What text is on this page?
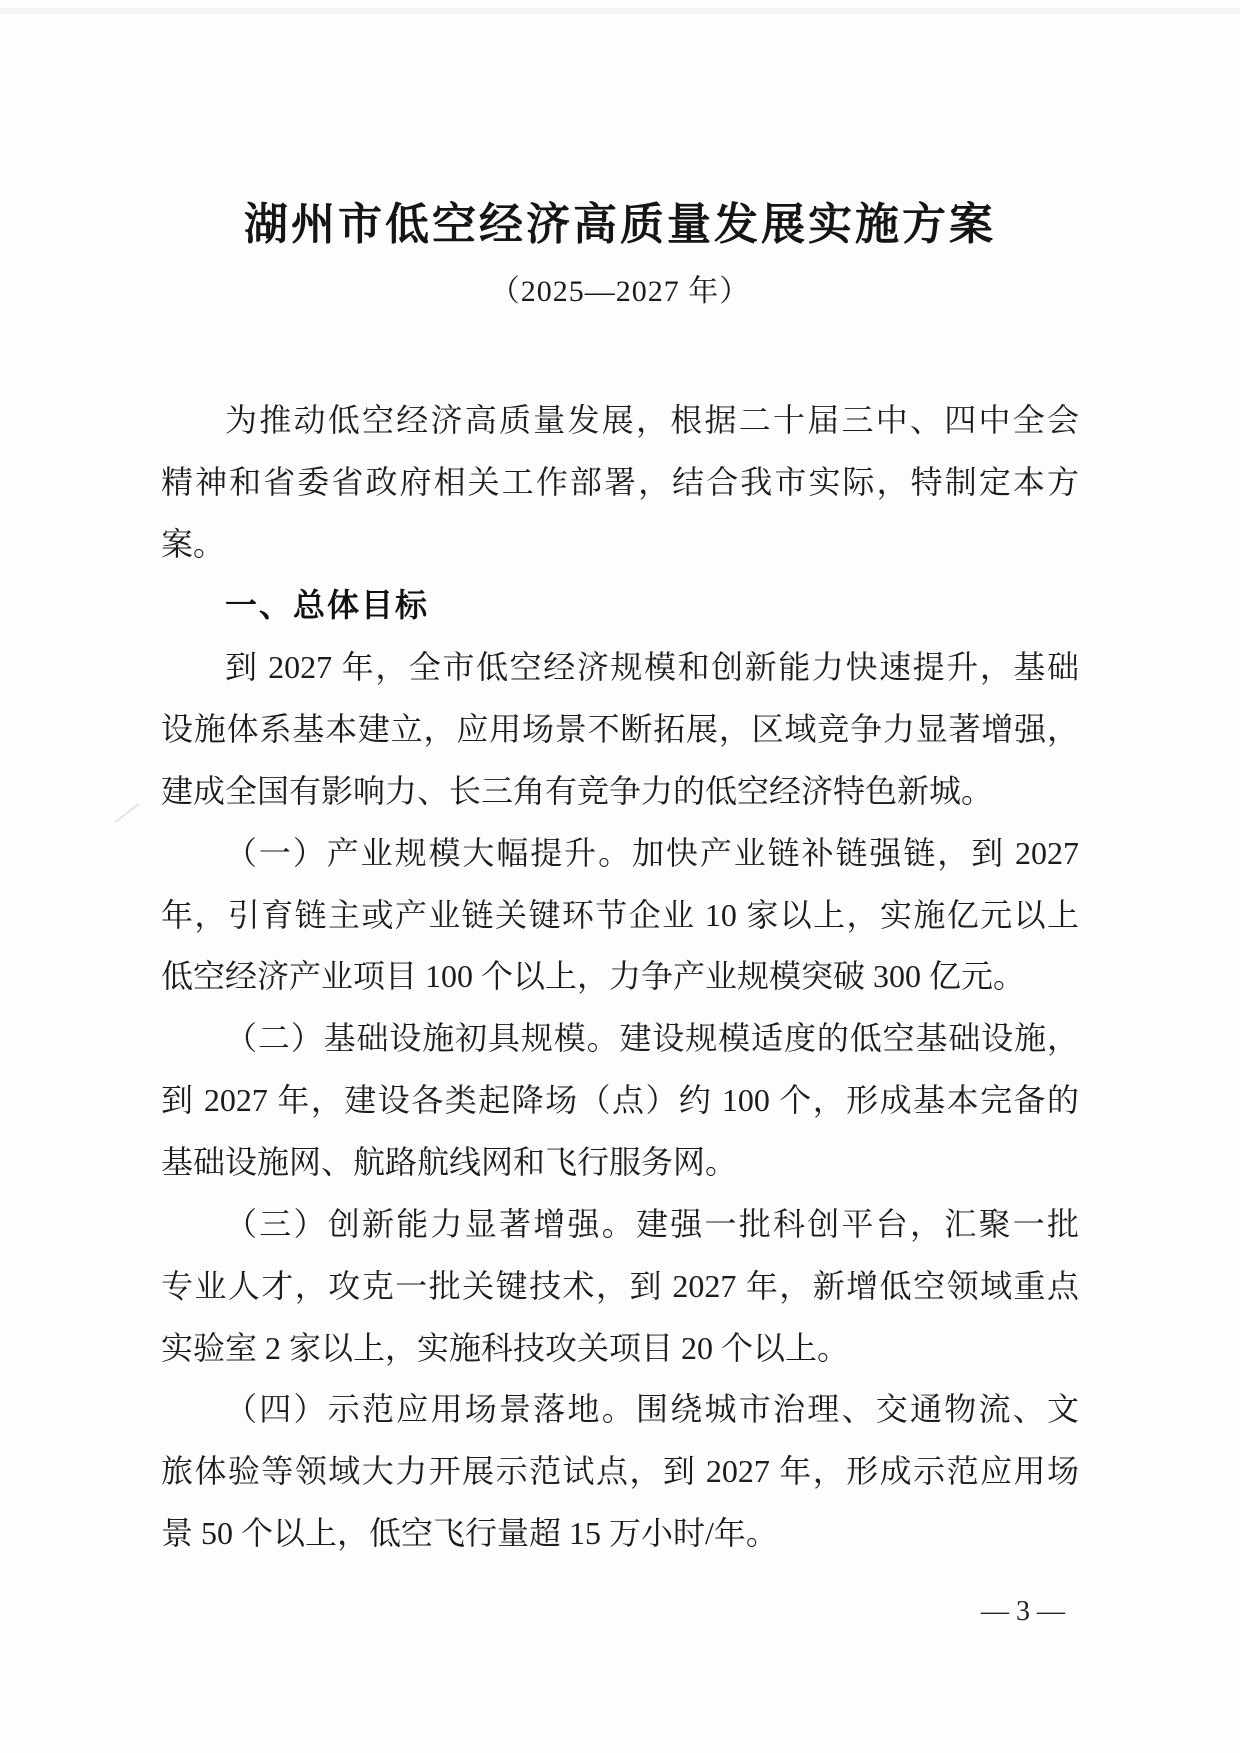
湖州市低空经济高质量发展实施方案
（2025—2027 年）
为推动低空经济高质量发展，根据二十届三中、四中全会
精神和省委省政府相关工作部署，结合我市实际，特制定本方
案。
一、总体目标
到 2027 年，全市低空经济规模和创新能力快速提升，基础
设施体系基本建立，应用场景不断拓展，区域竞争力显著增强，
建成全国有影响力、长三角有竞争力的低空经济特色新城。
（一）产业规模大幅提升。加快产业链补链强链，到 2027
年，引育链主或产业链关键环节企业 10 家以上，实施亿元以上
低空经济产业项目 100 个以上，力争产业规模突破 300 亿元。
（二）基础设施初具规模。建设规模适度的低空基础设施，
到 2027 年，建设各类起降场（点）约 100 个，形成基本完备的
基础设施网、航路航线网和飞行服务网。
（三）创新能力显著增强。建强一批科创平台，汇聚一批
专业人才，攻克一批关键技术，到 2027 年，新增低空领域重点
实验室 2 家以上，实施科技攻关项目 20 个以上。
（四）示范应用场景落地。围绕城市治理、交通物流、文
旅体验等领域大力开展示范试点，到 2027 年，形成示范应用场
景 50 个以上，低空飞行量超 15 万小时/年。
— 3 —
